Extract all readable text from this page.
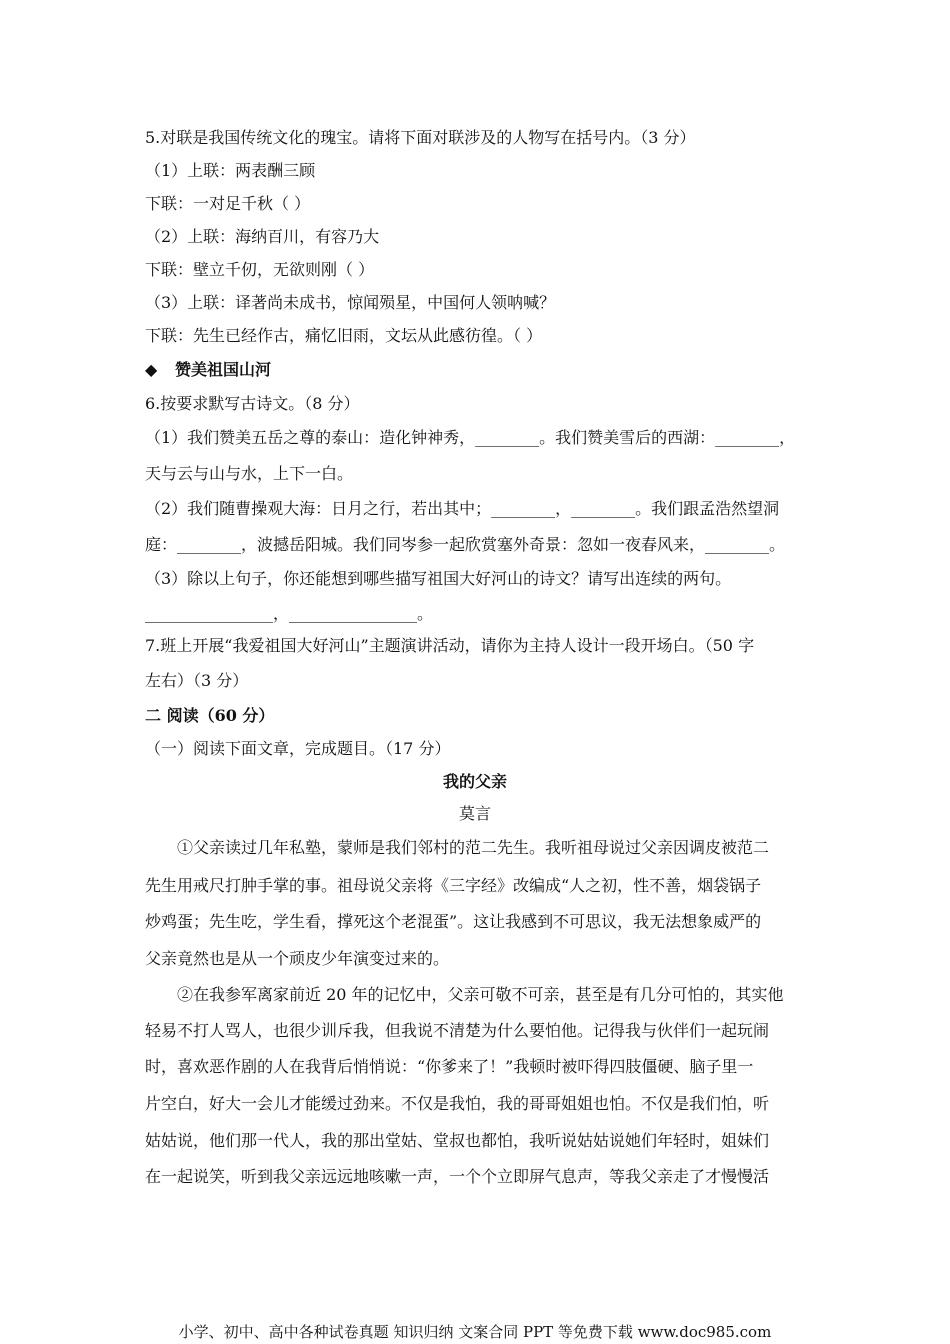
5.对联是我国传统文化的瑰宝。请将下面对联涉及的人物写在括号内。（3 分）
（1）上联：两表酬三顾
下联：一对足千秋（ ）
（2）上联：海纳百川，有容乃大
下联：壁立千仞，无欲则刚（ ）
（3）上联：译著尚未成书，惊闻殒星，中国何人领呐喊？
下联：先生已经作古，痛忆旧雨，文坛从此感彷徨。（ ）
◆ 赞美祖国山河
6.按要求默写古诗文。（8 分）
（1）我们赞美五岳之尊的泰山：造化钟神秀，________。我们赞美雪后的西湖：________，
天与云与山与水，上下一白。
（2）我们随曹操观大海：日月之行，若出其中；________，________。我们跟孟浩然望洞
庭：________，波撼岳阳城。我们同岑参一起欣赏塞外奇景：忽如一夜春风来，________。
（3）除以上句子，你还能想到哪些描写祖国大好河山的诗文？请写出连续的两句。
________________，________________。
7.班上开展“我爱祖国大好河山”主题演讲活动，请你为主持人设计一段开场白。（50 字
左右）（3 分）
二 阅读（60 分）
（一）阅读下面文章，完成题目。（17 分）
我的父亲
莫言
①父亲读过几年私塾，蒙师是我们邻村的范二先生。我听祖母说过父亲因调皮被范二
先生用戒尺打肿手掌的事。祖母说父亲将《三字经》改编成“人之初，性不善，烟袋锅子
炒鸡蛋；先生吃，学生看，撑死这个老混蛋”。这让我感到不可思议，我无法想象威严的
父亲竟然也是从一个顽皮少年演变过来的。
②在我参军离家前近 20 年的记忆中，父亲可敬不可亲，甚至是有几分可怕的，其实他
轻易不打人骂人，也很少训斥我，但我说不清楚为什么要怕他。记得我与伙伴们一起玩闹
时，喜欢恶作剧的人在我背后悄悄说：“你爹来了！”我顿时被吓得四肢僵硬、脑子里一
片空白，好大一会儿才能缓过劲来。不仅是我怕，我的哥哥姐姐也怕。不仅是我们怕，听
姑姑说，他们那一代人，我的那出堂姑、堂叔也都怕，我听说姑姑说她们年轻时，姐妹们
在一起说笑，听到我父亲远远地咳嗽一声，一个个立即屏气息声，等我父亲走了才慢慢活
小学、初中、高中各种试卷真题 知识归纳 文案合同 PPT 等免费下载 www.doc985.com
